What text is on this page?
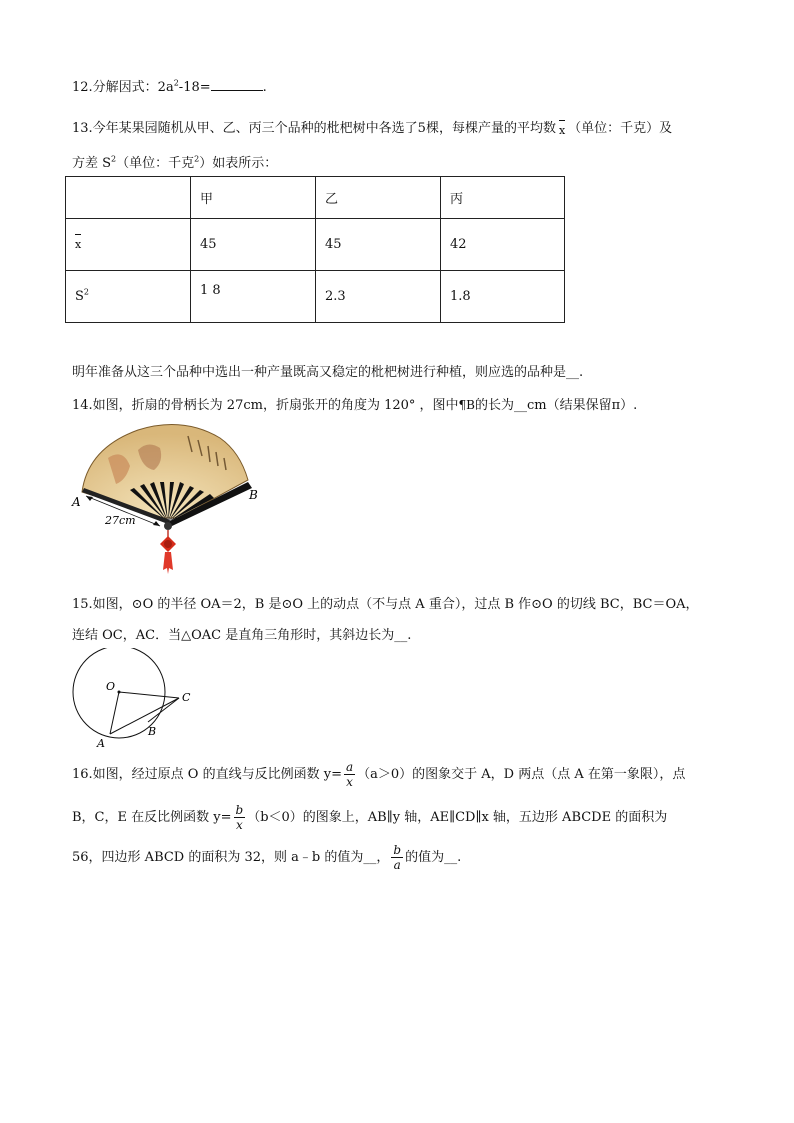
12.分解因式：$2a^2-18=$	.
13.今年某果园随机从甲、乙、丙三个品种的枇杷树中各选了5棵，每棵产量的平均数 x （单位：千克）及
方差 $S^2$（单位：千克$^2$）如表所示：
	甲	乙	丙
x	45	45	42
$S^2$	1 8	2.3	1.8
明年准备从这三个品种中选出一种产量既高又稳定的枇杷树进行种植，则应选的品种是__.
14.如图，折扇的骨柄长为 27cm，折扇张开的角度为 120° ，图中¶B的长为__cm（结果保留π）.
A	B
27cm
15.如图，⊙O 的半径 OA＝2，B 是⊙O 上的动点（不与点 A 重合），过点 B 作⊙O 的切线 BC，BC＝OA，
连结 OC，AC．当△OAC 是直角三角形时，其斜边长为__.
O
A
B
C
16.如图，经过原点 O 的直线与反比例函数 $y= \frac{a}{x} (a>0)$的图象交于 A，D 两点（点 A 在第一象限），点
B，C，E 在反比例函数 $y= \frac{b}{x} (b<0)$的图象上，AB∥y 轴，AE∥CD∥x 轴，五边形 ABCDE 的面积为
56，四边形 ABCD 的面积为 32，则 a﹣b 的值为__， $\frac{b}{a}$ 的值为__.
